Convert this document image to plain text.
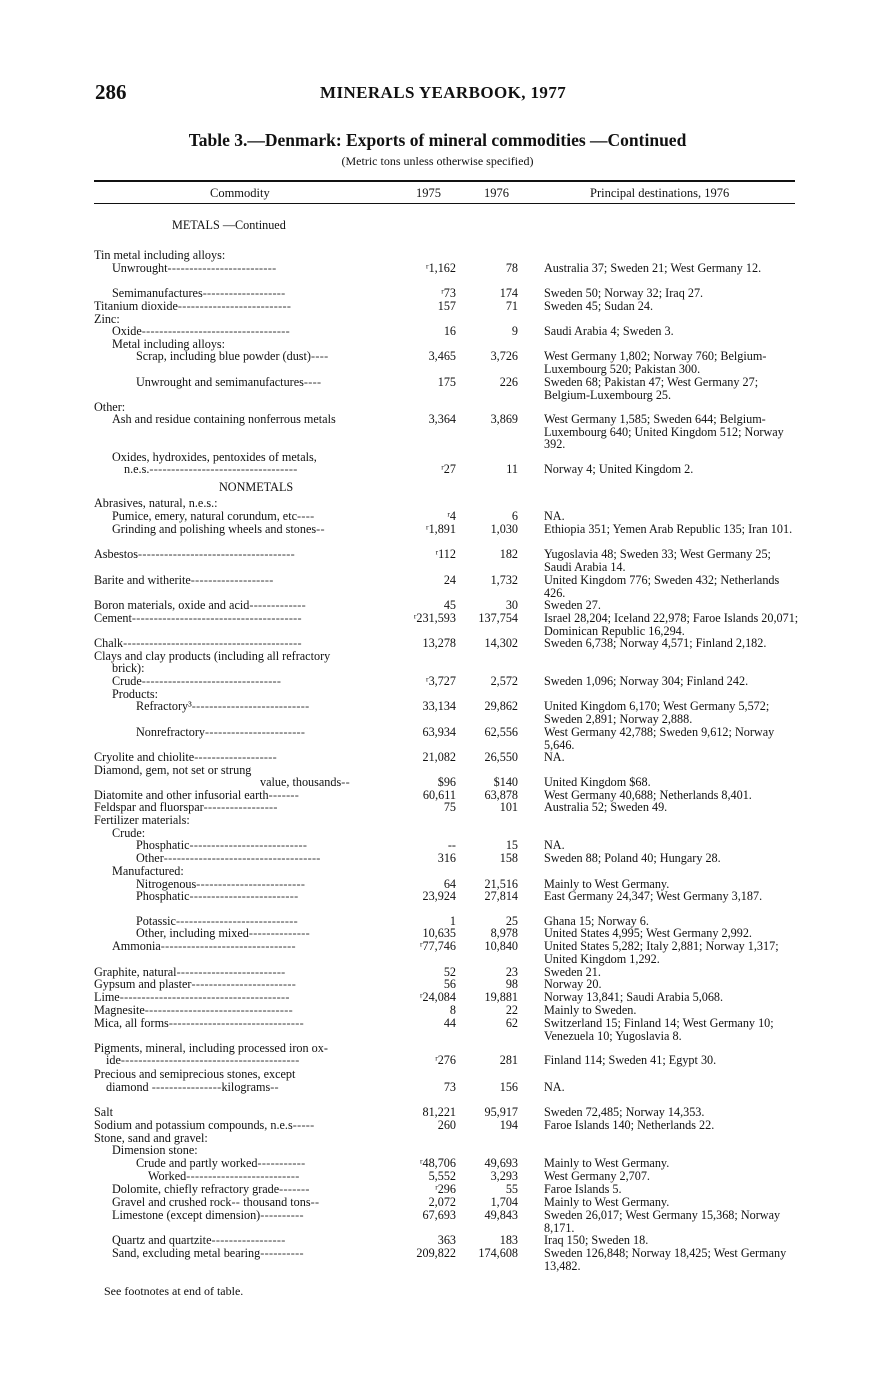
286	MINERALS YEARBOOK, 1977
Table 3.—Denmark: Exports of mineral commodities —Continued
(Metric tons unless otherwise specified)
Commodity	1975	1976	Principal destinations, 1976
METALS —Continued
Tin metal including alloys:
Unwrought-------------------------	ʳ1,162	78 Australia 37; Sweden 21; West Germany 12.
Semimanufactures-------------------	ʳ73	174 Sweden 50; Norway 32; Iraq 27.
Titanium dioxide--------------------------	157	71 Sweden 45; Sudan 24.
Zinc:
Oxide----------------------------------	16	9 Saudi Arabia 4; Sweden 3.
Metal including alloys:
Scrap, including blue powder (dust)----	3,465	3,726 West Germany 1,802; Norway 760; Belgium-Luxembourg 520; Pakistan 300.
Unwrought and semimanufactures----	175	226 Sweden 68; Pakistan 47; West Germany 27; Belgium-Luxembourg 25.
Other:
Ash and residue containing nonferrous metals	3,364	3,869 West Germany 1,585; Sweden 644; Belgium-Luxembourg 640; United Kingdom 512; Norway 392.
Oxides, hydroxides, pentoxides of metals,
n.e.s.----------------------------------	ʳ27	11 Norway 4; United Kingdom 2.
NONMETALS
Abrasives, natural, n.e.s.:
Pumice, emery, natural corundum, etc----	ʳ4	6 NA.
Grinding and polishing wheels and stones--	ʳ1,891	1,030 Ethiopia 351; Yemen Arab Republic 135; Iran 101.
Asbestos------------------------------------	ʳ112	182 Yugoslavia 48; Sweden 33; West Germany 25; Saudi Arabia 14.
Barite and witherite-------------------	24	1,732 United Kingdom 776; Sweden 432; Netherlands 426.
Boron materials, oxide and acid-------------	45	30 Sweden 27.
Cement---------------------------------------	ʳ231,593	137,754 Israel 28,204; Iceland 22,978; Faroe Islands 20,071; Dominican Republic 16,294.
Chalk-----------------------------------------	13,278	14,302 Sweden 6,738; Norway 4,571; Finland 2,182.
Clays and clay products (including all refractory
brick):
Crude--------------------------------	ʳ3,727	2,572 Sweden 1,096; Norway 304; Finland 242.
Products:
Refractory³---------------------------	33,134	29,862 United Kingdom 6,170; West Germany 5,572; Sweden 2,891; Norway 2,888.
Nonrefractory-----------------------	63,934	62,556 West Germany 42,788; Sweden 9,612; Norway 5,646.
Cryolite and chiolite-------------------	21,082	26,550 NA.
Diamond, gem, not set or strung
value, thousands--	$96	$140 United Kingdom $68.
Diatomite and other infusorial earth-------	60,611	63,878 West Germany 40,688; Netherlands 8,401.
Feldspar and fluorspar-----------------	75	101 Australia 52; Sweden 49.
Fertilizer materials:
Crude:
Phosphatic---------------------------	--	15 NA.
Other------------------------------------	316	158 Sweden 88; Poland 40; Hungary 28.
Manufactured:
Nitrogenous-------------------------	64	21,516 Mainly to West Germany.
Phosphatic-------------------------	23,924	27,814 East Germany 24,347; West Germany 3,187.
Potassic----------------------------	1	25 Ghana 15; Norway 6.
Other, including mixed--------------	10,635	8,978 United States 4,995; West Germany 2,992.
Ammonia-------------------------------	ʳ77,746	10,840 United States 5,282; Italy 2,881; Norway 1,317; United Kingdom 1,292.
Graphite, natural-------------------------	52	23 Sweden 21.
Gypsum and plaster------------------------	56	98 Norway 20.
Lime---------------------------------------	ʳ24,084	19,881 Norway 13,841; Saudi Arabia 5,068.
Magnesite----------------------------------	8	22 Mainly to Sweden.
Mica, all forms-------------------------------	44	62 Switzerland 15; Finland 14; West Germany 10; Venezuela 10; Yugoslavia 8.
Pigments, mineral, including processed iron ox-
ide-----------------------------------------	ʳ276	281 Finland 114; Sweden 41; Egypt 30.
Precious and semiprecious stones, except
diamond ----------------kilograms--	73	156 NA.
Salt	81,221	95,917 Sweden 72,485; Norway 14,353.
Sodium and potassium compounds, n.e.s-----	260	194 Faroe Islands 140; Netherlands 22.
Stone, sand and gravel:
Dimension stone:
Crude and partly worked-----------	ʳ48,706	49,693 Mainly to West Germany.
Worked--------------------------	5,552	3,293 West Germany 2,707.
Dolomite, chiefly refractory grade-------	ʳ296	55 Faroe Islands 5.
Gravel and crushed rock-- thousand tons--	2,072	1,704 Mainly to West Germany.
Limestone (except dimension)----------	67,693	49,843 Sweden 26,017; West Germany 15,368; Norway 8,171.
Quartz and quartzite-----------------	363	183 Iraq 150; Sweden 18.
Sand, excluding metal bearing----------	209,822	174,608 Sweden 126,848; Norway 18,425; West Germany 13,482.
See footnotes at end of table.
